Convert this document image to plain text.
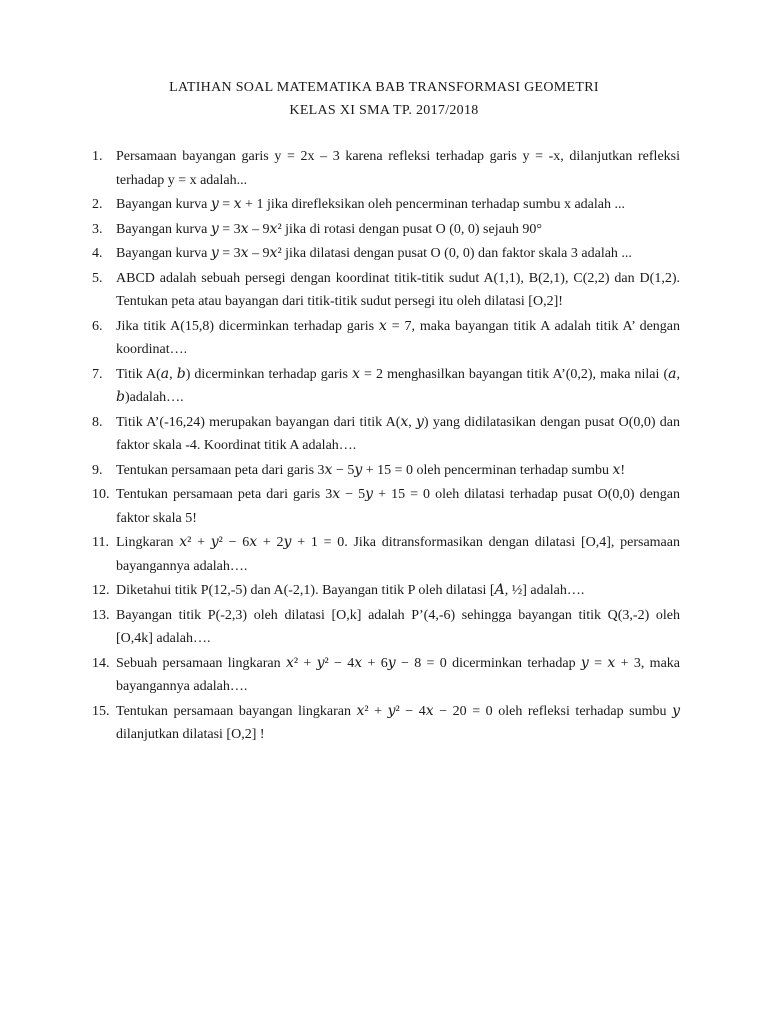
LATIHAN SOAL MATEMATIKA BAB TRANSFORMASI GEOMETRI
KELAS XI SMA TP. 2017/2018
1. Persamaan bayangan garis y = 2x – 3 karena refleksi terhadap garis y = -x, dilanjutkan refleksi terhadap y = x adalah...
2. Bayangan kurva 𝑦 = 𝑥 + 1 jika direfleksikan oleh pencerminan terhadap sumbu x adalah ...
3. Bayangan kurva 𝑦 = 3𝑥 – 9𝑥² jika di rotasi dengan pusat O (0, 0) sejauh 90°
4. Bayangan kurva 𝑦 = 3𝑥 – 9𝑥² jika dilatasi dengan pusat O (0, 0) dan faktor skala 3 adalah ...
5. ABCD adalah sebuah persegi dengan koordinat titik-titik sudut A(1,1), B(2,1), C(2,2) dan D(1,2). Tentukan peta atau bayangan dari titik-titik sudut persegi itu oleh dilatasi [O,2]!
6. Jika titik A(15,8) dicerminkan terhadap garis 𝑥 = 7, maka bayangan titik A adalah titik A’ dengan koordinat….
7. Titik A(𝑎, 𝑏) dicerminkan terhadap garis 𝑥 = 2 menghasilkan bayangan titik A’(0,2), maka nilai (𝑎, 𝑏)adalah….
8. Titik A’(-16,24) merupakan bayangan dari titik A(𝑥, 𝑦) yang didilatasikan dengan pusat O(0,0) dan faktor skala -4. Koordinat titik A adalah….
9. Tentukan persamaan peta dari garis 3𝑥 − 5𝑦 + 15 = 0 oleh pencerminan terhadap sumbu 𝑥!
10. Tentukan persamaan peta dari garis 3𝑥 − 5𝑦 + 15 = 0 oleh dilatasi terhadap pusat O(0,0) dengan faktor skala 5!
11. Lingkaran 𝑥² + 𝑦² − 6𝑥 + 2𝑦 + 1 = 0. Jika ditransformasikan dengan dilatasi [O,4], persamaan bayangannya adalah….
12. Diketahui titik P(12,-5) dan A(-2,1). Bayangan titik P oleh dilatasi [𝐴, ½] adalah….
13. Bayangan titik P(-2,3) oleh dilatasi [O,k] adalah P’(4,-6) sehingga bayangan titik Q(3,-2) oleh [O,4k] adalah….
14. Sebuah persamaan lingkaran 𝑥² + 𝑦² − 4𝑥 + 6𝑦 − 8 = 0 dicerminkan terhadap 𝑦 = 𝑥 + 3, maka bayangannya adalah….
15. Tentukan persamaan bayangan lingkaran 𝑥² + 𝑦² − 4𝑥 − 20 = 0 oleh refleksi terhadap sumbu 𝑦 dilanjutkan dilatasi [O,2] !
